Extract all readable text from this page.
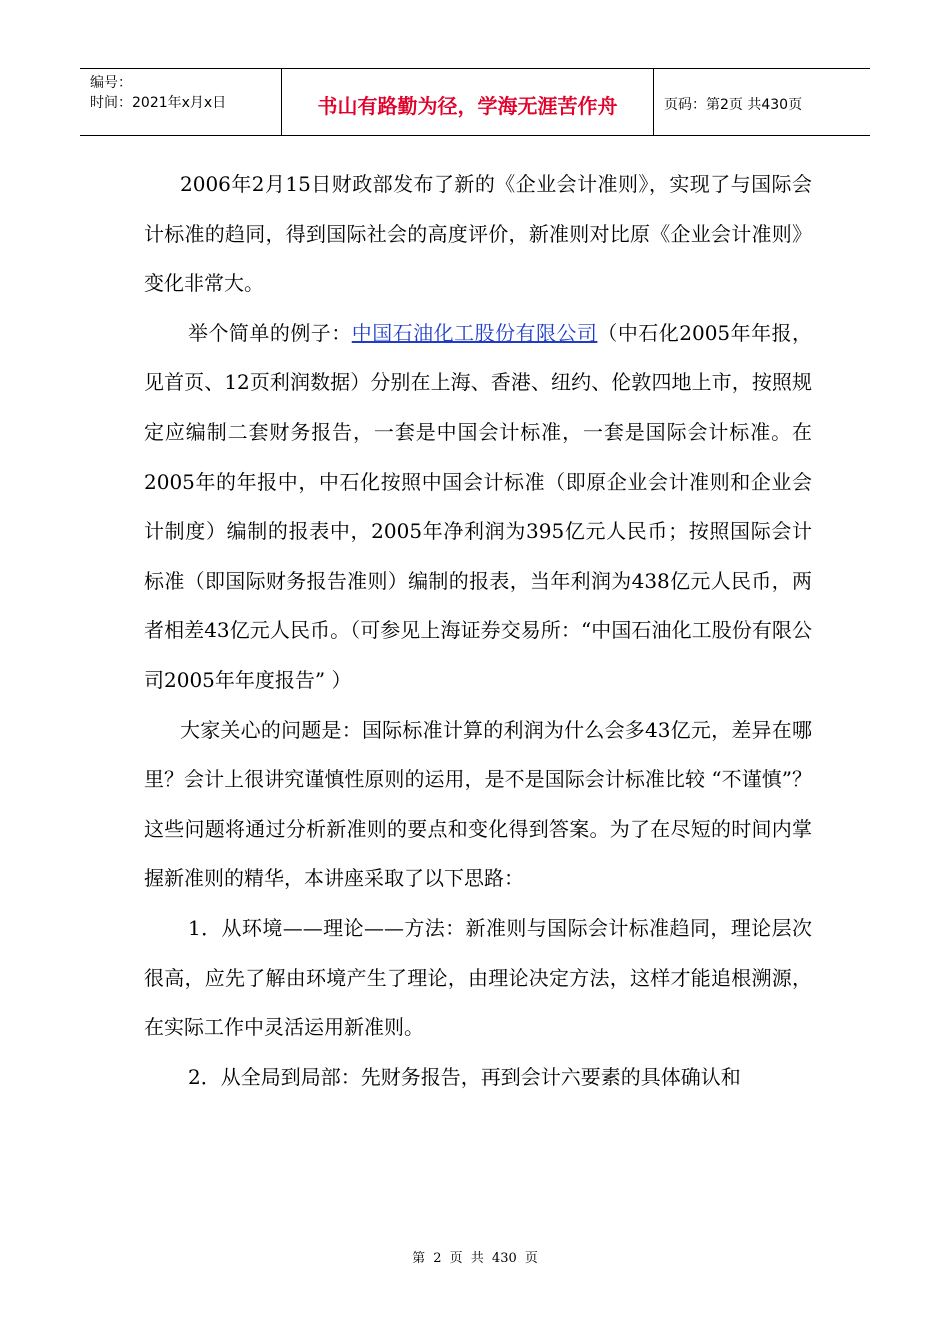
编号：
时间：2021年x月x日	书山有路勤为径，学海无涯苦作舟	页码：第2页 共430页

2006年2月15日财政部发布了新的《企业会计准则》，实现了与国际会计标准的趋同，得到国际社会的高度评价，新准则对比原《企业会计准则》变化非常大。

举个简单的例子：中国石油化工股份有限公司（中石化2005年年报，见首页、12页利润数据）分别在上海、香港、纽约、伦敦四地上市，按照规定应编制二套财务报告，一套是中国会计标准，一套是国际会计标准。在2005年的年报中，中石化按照中国会计标准（即原企业会计准则和企业会计制度）编制的报表中，2005年净利润为395亿元人民币；按照国际会计标准（即国际财务报告准则）编制的报表，当年利润为438亿元人民币，两者相差43亿元人民币。（可参见上海证券交易所：“中国石油化工股份有限公司2005年年度报告” ）

大家关心的问题是：国际标准计算的利润为什么会多43亿元，差异在哪里？会计上很讲究谨慎性原则的运用，是不是国际会计标准比较 “不谨慎”？这些问题将通过分析新准则的要点和变化得到答案。为了在尽短的时间内掌握新准则的精华，本讲座采取了以下思路：

1．从环境——理论——方法：新准则与国际会计标准趋同，理论层次很高，应先了解由环境产生了理论，由理论决定方法，这样才能追根溯源，在实际工作中灵活运用新准则。

2．从全局到局部：先财务报告，再到会计六要素的具体确认和

第 2 页 共 430 页
